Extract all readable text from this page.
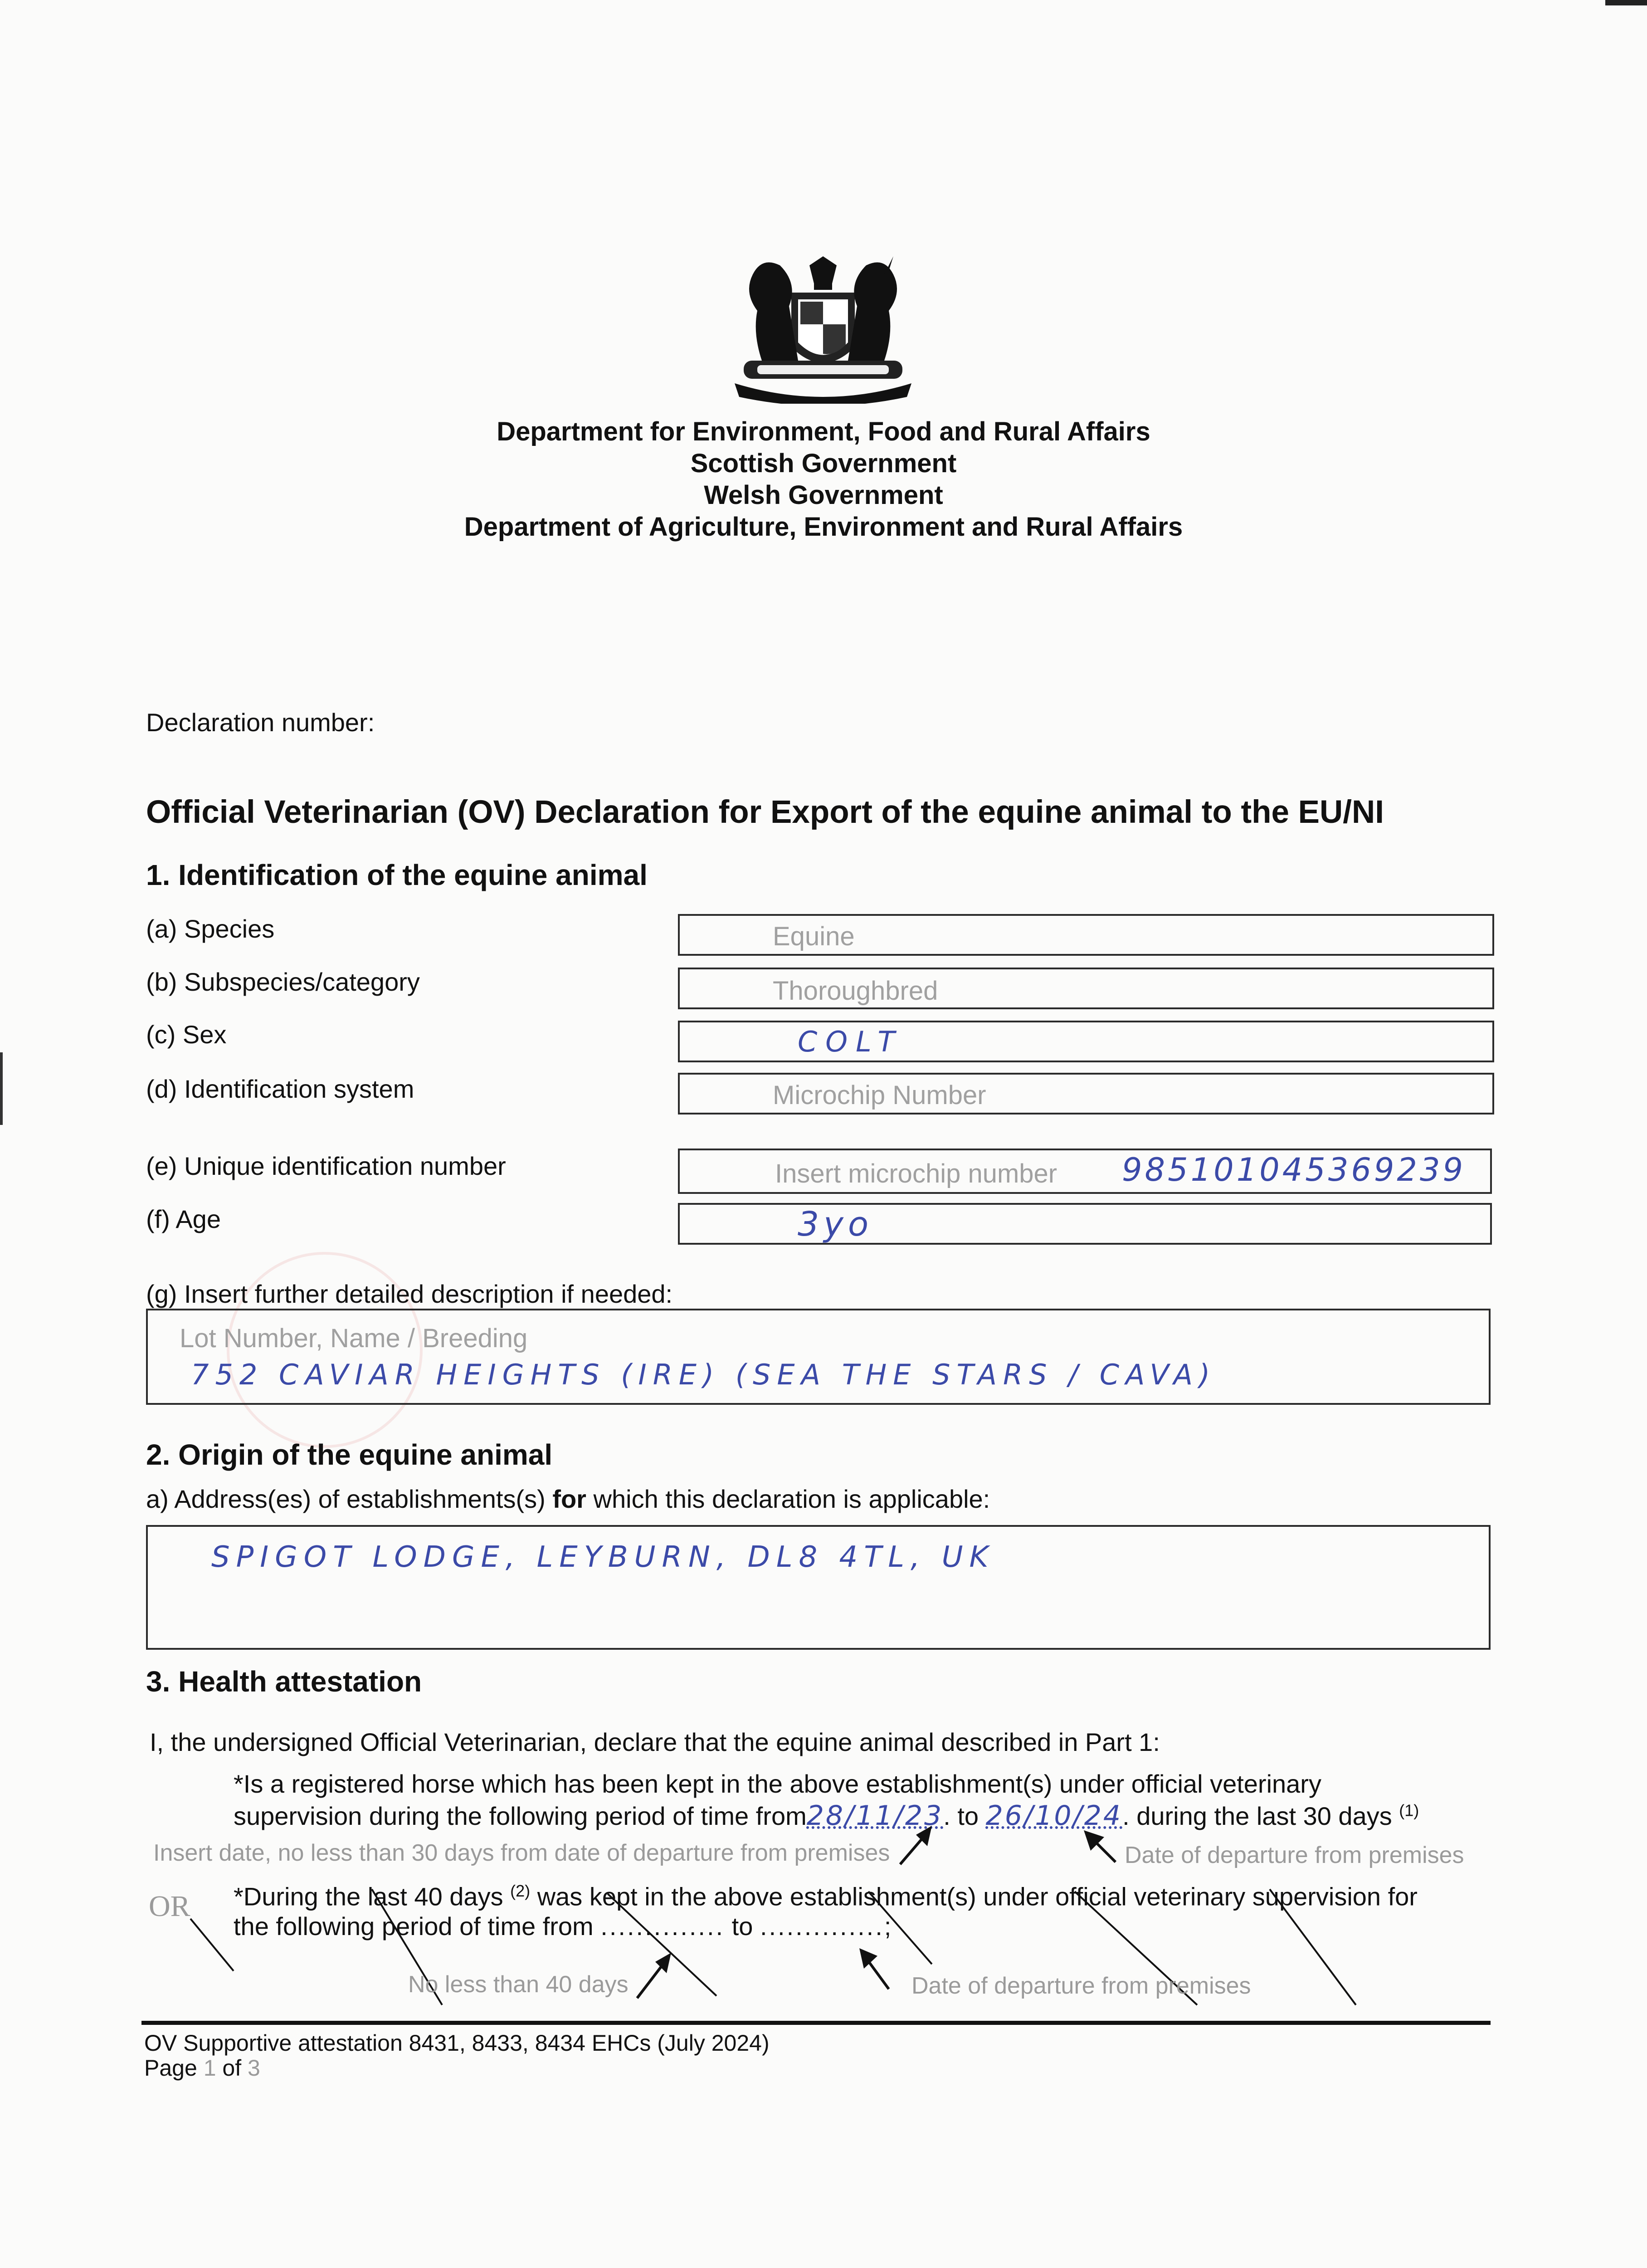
Department for Environment, Food and Rural Affairs
Scottish Government
Welsh Government
Department of Agriculture, Environment and Rural Affairs
Declaration number:
Official Veterinarian (OV) Declaration for Export of the equine animal to the EU/NI
1. Identification of the equine animal
(a) Species	Equine
(b) Subspecies/category	Thoroughbred
(c) Sex	COLT
(d) Identification system	Microchip Number
(e) Unique identification number	Insert microchip number 985101045369239
(f) Age	3yo
(g) Insert further detailed description if needed:
Lot Number, Name / Breeding
752 CAVIAR HEIGHTS (IRE) (SEA THE STARS / CAVA)
2. Origin of the equine animal
a) Address(es) of establishments(s) for which this declaration is applicable:
SPIGOT LODGE, LEYBURN, DL8 4TL, UK
3. Health attestation
I, the undersigned Official Veterinarian, declare that the equine animal described in Part 1:
*Is a registered horse which has been kept in the above establishment(s) under official veterinary
supervision during the following period of time from28/11/23. to 26/10/24. during the last 30 days $^{(1)}$
Insert date, no less than 30 days from date of departure from premises	Date of departure from premises
OR *During the last 40 days $^{(2)}$ was kept in the above establishment(s) under official veterinary supervision for
the following period of time from .............. to ..............;
No less than 40 days	Date of departure from premises
OV Supportive attestation 8431, 8433, 8434 EHCs (July 2024)
Page 1 of 3
